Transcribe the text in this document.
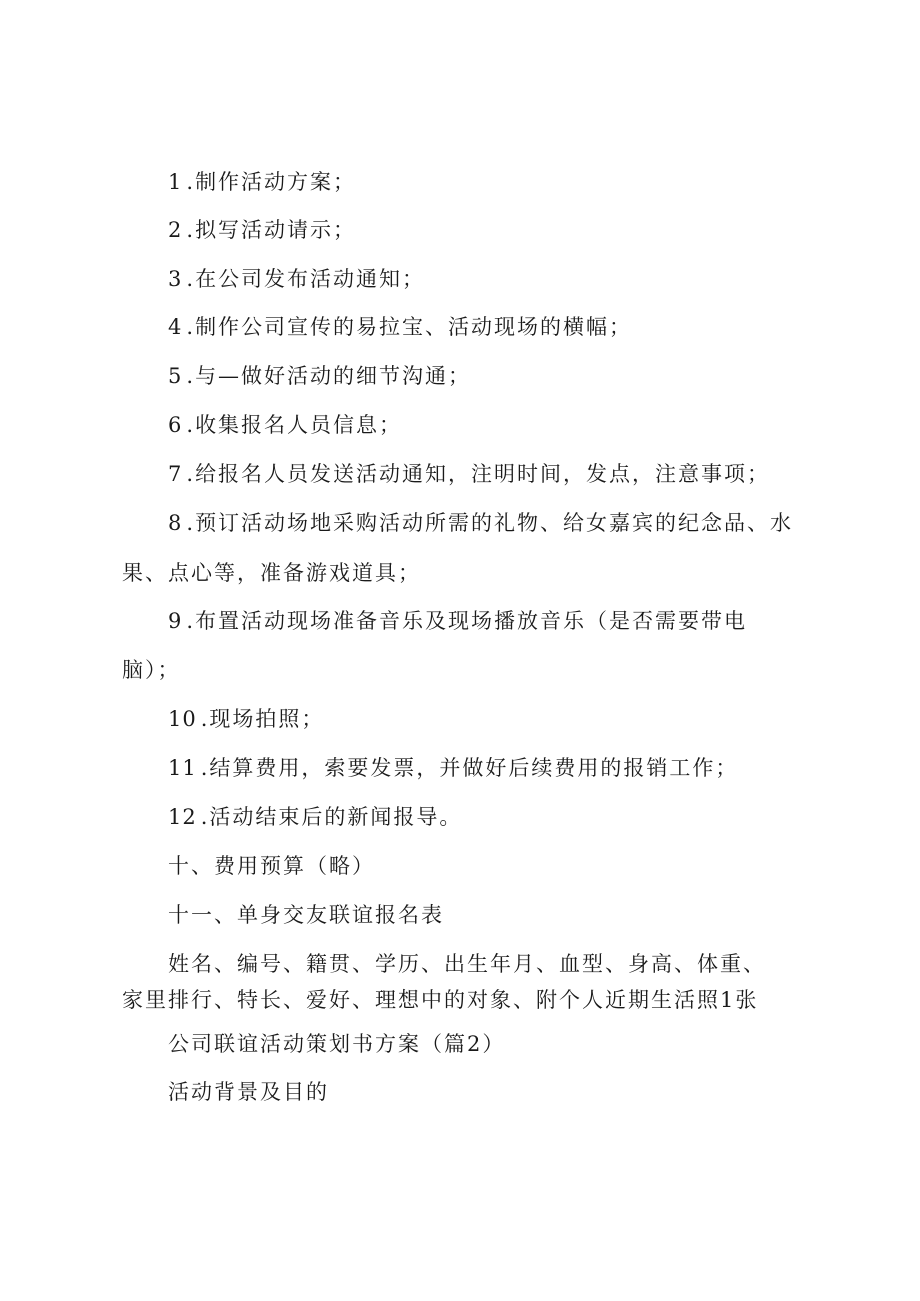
1 .制作活动方案；
2 .拟写活动请示；
3 .在公司发布活动通知；
4 .制作公司宣传的易拉宝、活动现场的横幅；
5 .与—做好活动的细节沟通；
6 .收集报名人员信息；
7 .给报名人员发送活动通知，注明时间，发点，注意事项；
8 .预订活动场地采购活动所需的礼物、给女嘉宾的纪念品、水
果、点心等，准备游戏道具；
9 .布置活动现场准备音乐及现场播放音乐（是否需要带电
脑）；
10 .现场拍照；
11 .结算费用，索要发票，并做好后续费用的报销工作；
12 .活动结束后的新闻报导。
十、费用预算（略）
十一、单身交友联谊报名表
姓名、编号、籍贯、学历、出生年月、血型、身高、体重、
家里排行、特长、爱好、理想中的对象、附个人近期生活照1张
公司联谊活动策划书方案（篇2）
活动背景及目的
